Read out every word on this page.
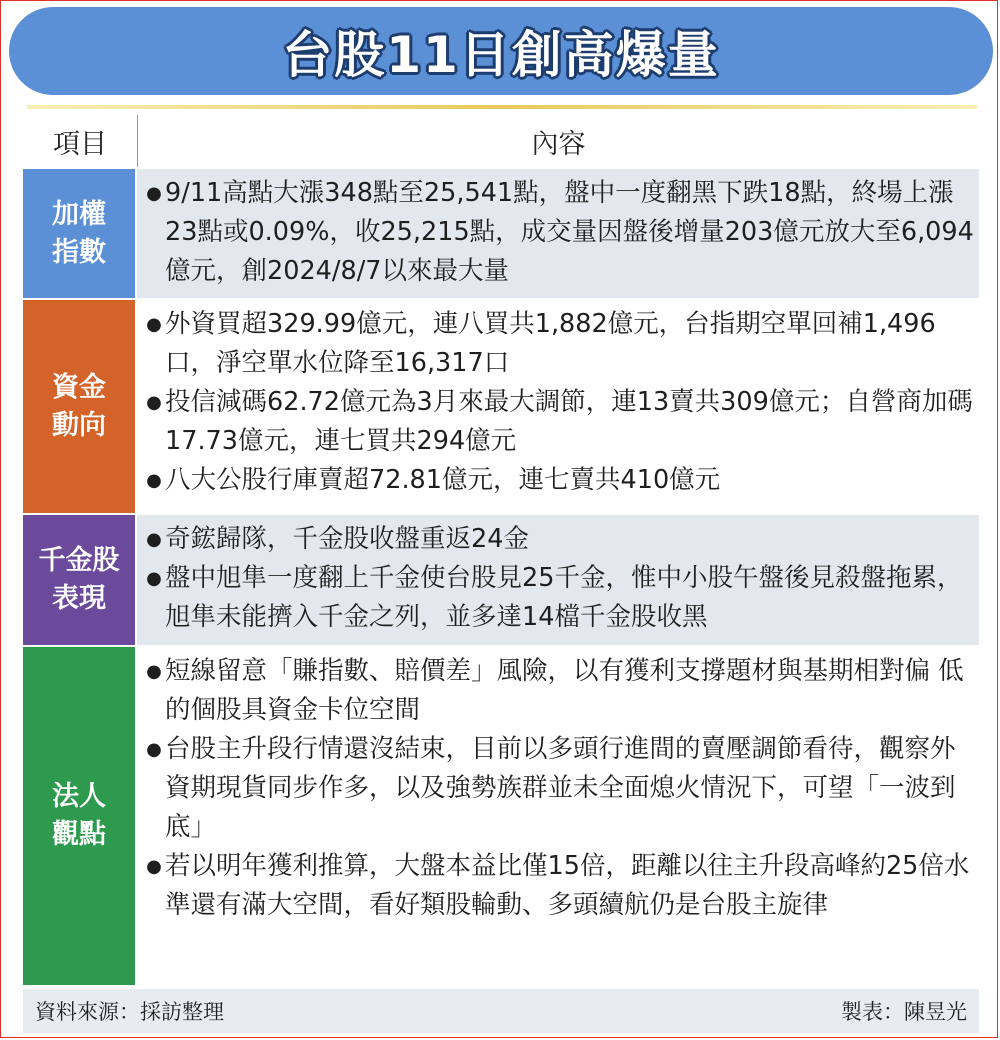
台股11日創高爆量
項目	內容
加權
指數
● 9/11高點大漲348點至25,541點，盤中一度翻黑下跌18點，終場上漲23點或0.09%，收25,215點，成交量因盤後增量203億元放大至6,094億元，創2024/8/7以來最大量
資金
動向
● 外資買超329.99億元，連八買共1,882億元，台指期空單回補1,496口，淨空單水位降至16,317口
● 投信減碼62.72億元為3月來最大調節，連13賣共309億元；自營商加碼17.73億元，連七買共294億元
● 八大公股行庫賣超72.81億元，連七賣共410億元
千金股
表現
● 奇鋐歸隊，千金股收盤重返24金
● 盤中旭隼一度翻上千金使台股見25千金，惟中小股午盤後見殺盤拖累，旭隼未能擠入千金之列，並多達14檔千金股收黑
法人
觀點
● 短線留意「賺指數、賠價差」風險，以有獲利支撐題材與基期相對偏 低的個股具資金卡位空間
● 台股主升段行情還沒結束，目前以多頭行進間的賣壓調節看待，觀察外資期現貨同步作多，以及強勢族群並未全面熄火情況下，可望「一波到底」
● 若以明年獲利推算，大盤本益比僅15倍，距離以往主升段高峰約25倍水準還有滿大空間，看好類股輪動、多頭續航仍是台股主旋律
資料來源：採訪整理	製表：陳昱光
